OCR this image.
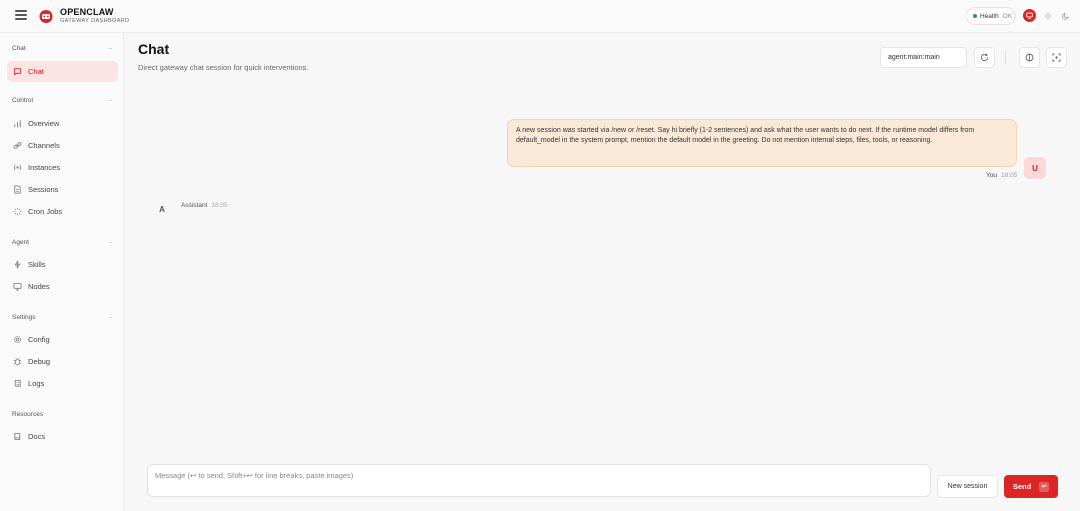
OPENCLAW
GATEWAY DASHBOARD
Health OK
Chat	–
Chat
Control	–
Overview
Channels
Instances
Sessions
Cron Jobs
Agent	–
Skills
Nodes
Settings	–
Config
Debug
Logs
Resources
Docs
Chat
Direct gateway chat session for quick interventions.
agent:main:main
A new session was started via /new or /reset. Say hi briefly (1-2 sentences) and ask what the user wants to do next. If the runtime model differs from default_model in the system prompt, mention the default model in the greeting. Do not mention internal steps, files, tools, or reasoning.
You 18:05
U
A	Assistant 18:05
Message (↩ to send, Shift+↩ for line breaks, paste images)
New session	Send	↩
